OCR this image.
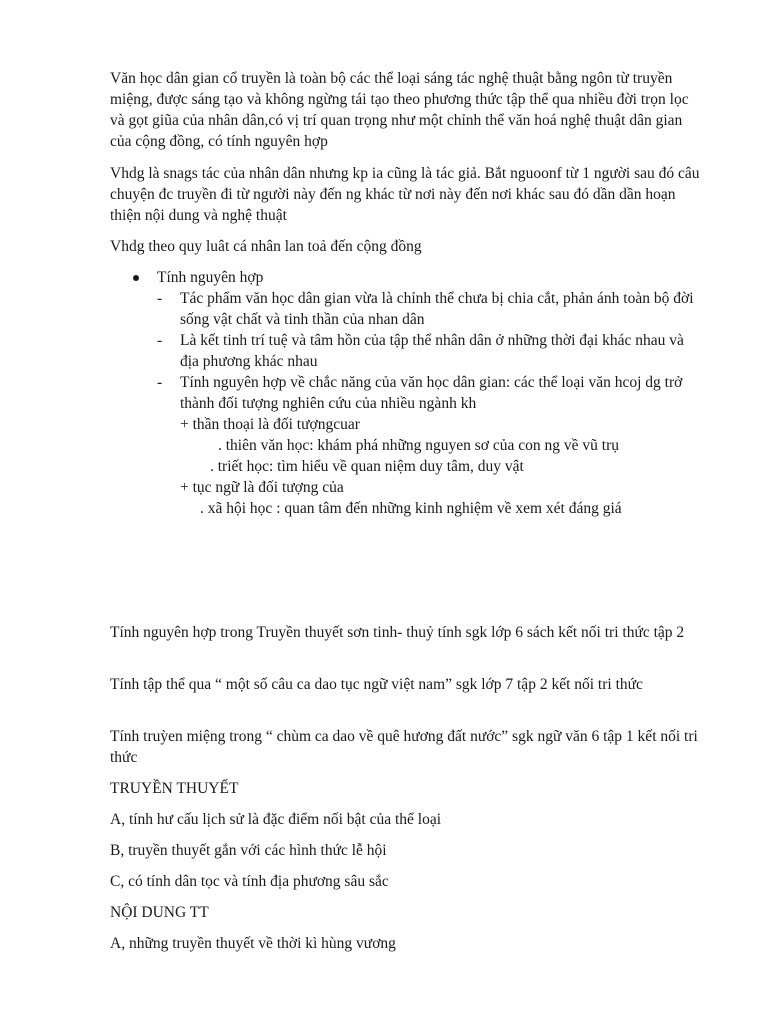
Văn học dân gian cổ truyền là toàn bộ các thể loại sáng tác nghệ thuật bằng ngôn từ truyền miệng, được sáng tạo và không ngừng tái tạo theo phương thức tập thể qua nhiều đời trọn lọc và gọt giũa của nhân dân,có vị trí quan trọng như một chỉnh thể văn hoá nghệ thuật dân gian của cộng đồng, có tính nguyên hợp

Vhdg là snags tác của nhân dân nhưng kp ia cũng là tác giả. Bắt nguoonf từ 1 người sau đó câu chuyện đc truyền đi từ người này đến ng khác từ nơi này đến nơi khác sau đó dần dần hoạn thiện nội dung và nghệ thuật

Vhdg theo quy luât cá nhân lan toả đến cộng đồng

Tính nguyên hợp

- Tác phẩm văn học dân gian vừa là chỉnh thể chưa bị chia cắt, phản ánh toàn bộ đời sống vật chất và tinh thần của nhan dân

- Là kết tinh trí tuệ và tâm hồn của tập thể nhân dân ở những thời đại khác nhau và địa phương khác nhau

- Tính nguyên hợp về chắc năng của văn học dân gian: các thể loại văn hcoj dg trở thành đối tượng nghiên cứu của nhiều ngành kh

+ thần thoại là đối tượngcuar

. thiên văn học: khám phá những nguyen sơ của con ng về vũ trụ

. triết học: tìm hiểu về quan niệm duy tâm, duy vật

+ tục ngữ là đối tượng của

. xã hội học : quan tâm đến những kinh nghiệm về xem xét đáng giá

Tính nguyên hợp trong Truyền thuyết sơn tinh- thuỷ tính sgk lớp 6 sách kết nối tri thức tập 2

Tính tập thể qua “ một số câu ca dao tục ngữ việt nam” sgk lớp 7 tập 2 kết nối tri thức

Tính truỳen miệng trong “ chùm ca dao về quê hương đất nước” sgk ngữ văn 6 tập 1 kết nối tri thức

TRUYỀN THUYẾT

A, tính hư cấu lịch sử là đặc điểm nối bật của thể loại

B, truyền thuyết gắn với các hình thức lễ hội

C, có tính dân tọc và tính địa phương sâu sắc

NỘI DUNG TT

A, những truyền thuyết về thời kì hùng vương
